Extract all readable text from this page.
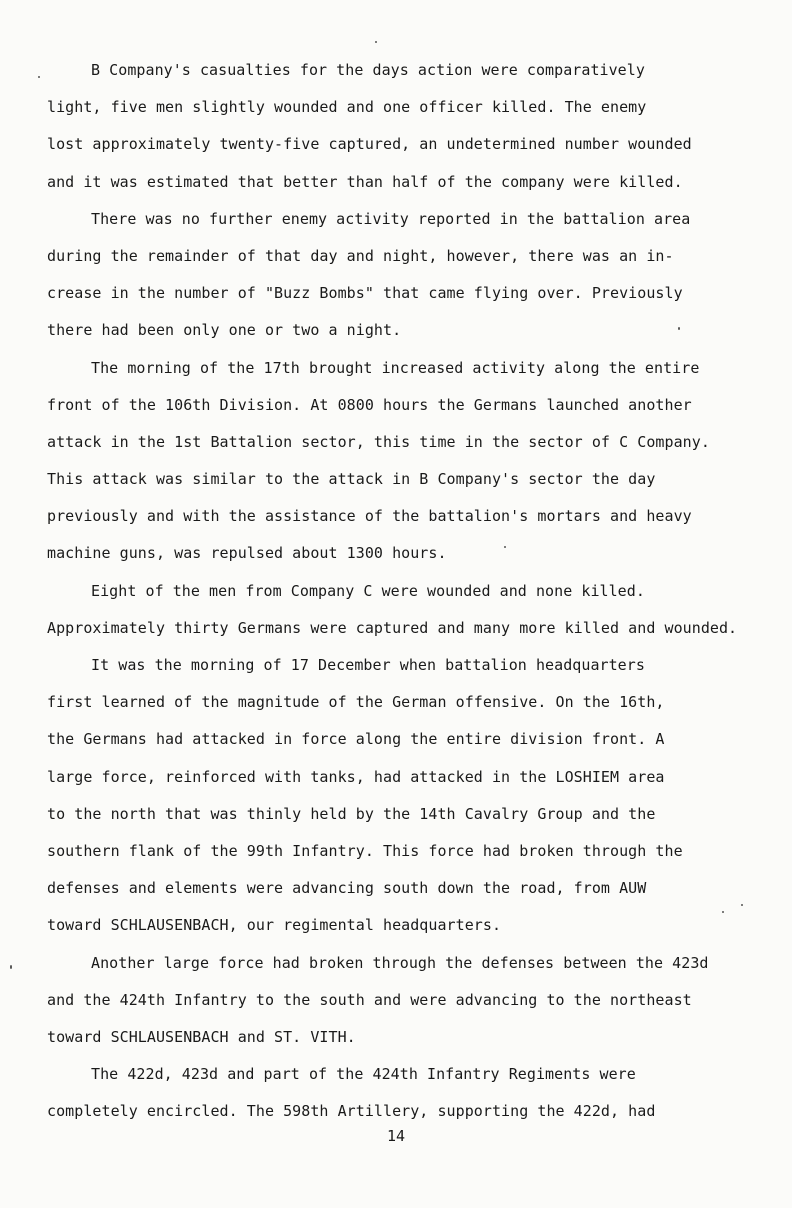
B Company's casualties for the days action were comparatively
light, five men slightly wounded and one officer killed. The enemy
lost approximately twenty-five captured, an undetermined number wounded
and it was estimated that better than half of the company were killed.
There was no further enemy activity reported in the battalion area
during the remainder of that day and night, however, there was an in-
crease in the number of "Buzz Bombs" that came flying over. Previously
there had been only one or two a night.
The morning of the 17th brought increased activity along the entire
front of the 106th Division. At 0800 hours the Germans launched another
attack in the 1st Battalion sector, this time in the sector of C Company.
This attack was similar to the attack in B Company's sector the day
previously and with the assistance of the battalion's mortars and heavy
machine guns, was repulsed about 1300 hours.
Eight of the men from Company C were wounded and none killed.
Approximately thirty Germans were captured and many more killed and wounded.
It was the morning of 17 December when battalion headquarters
first learned of the magnitude of the German offensive. On the 16th,
the Germans had attacked in force along the entire division front. A
large force, reinforced with tanks, had attacked in the LOSHIEM area
to the north that was thinly held by the 14th Cavalry Group and the
southern flank of the 99th Infantry. This force had broken through the
defenses and elements were advancing south down the road, from AUW
toward SCHLAUSENBACH, our regimental headquarters.
Another large force had broken through the defenses between the 423d
and the 424th Infantry to the south and were advancing to the northeast
toward SCHLAUSENBACH and ST. VITH.
The 422d, 423d and part of the 424th Infantry Regiments were
completely encircled. The 598th Artillery, supporting the 422d, had
14
